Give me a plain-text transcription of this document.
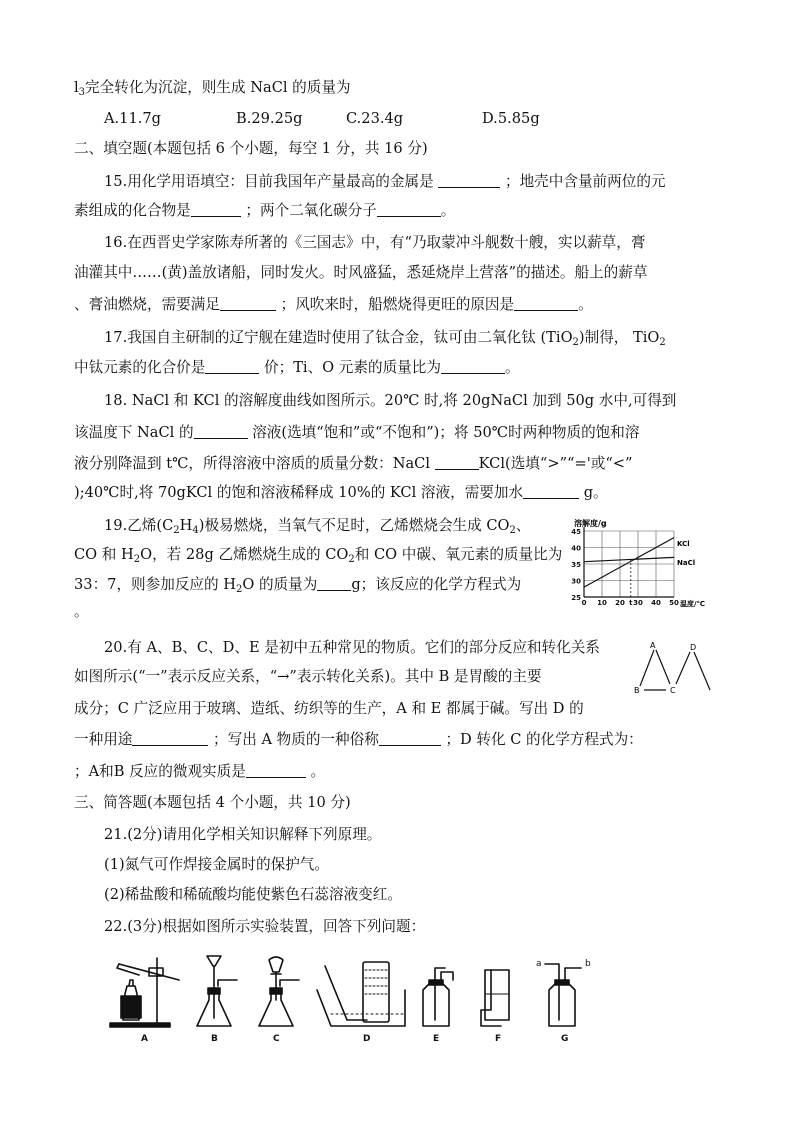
$l_3$完全转化为沉淀，则生成 NaCl 的质量为
A.11.7g	B.29.25g	C.23.4g	D.5.85g
二、填空题(本题包括 6 个小题，每空 1 分，共 16 分)
15.用化学用语填空：目前我国年产量最高的金属是	；地壳中含量前两位的元
素组成的化合物是	；两个二氧化碳分子	。
16.在西晋史学家陈寿所著的《三国志》中，有“乃取蒙冲斗舰数十艘，实以薪草，膏
油灌其中……(黄)盖放诸船，同时发火。时风盛猛，悉延烧岸上营落”的描述。船上的薪草
、膏油燃烧，需要满足	；风吹来时，船燃烧得更旺的原因是	。
17.我国自主研制的辽宁舰在建造时使用了钛合金，钛可由二氧化钛 (TiO$_2$)制得， TiO$_2$
中钛元素的化合价是	价；Ti、O 元素的质量比为	。
18. NaCl 和 KCl 的溶解度曲线如图所示。20℃ 时,将 20gNaCl 加到 50g 水中,可得到
该温度下 NaCl 的	溶液(选填“饱和”或“不饱和”)；将 50℃时两种物质的饱和溶
液分别降温到 t℃，所得溶液中溶质的质量分数：NaCl	KCl(选填“>”“='或“<”
);40℃时,将 70gKCl 的饱和溶液稀释成 10%的 KCl 溶液，需要加水	g。
19.乙烯$(C_2H_4)$极易燃烧，当氧气不足时，乙烯燃烧会生成 $CO_2$、
CO 和 $H_2O$，若 28g 乙烯燃烧生成的 $CO_2$和 CO 中碳、氧元素的质量比为
33：7，则参加反应的 $H_2O$ 的质量为 g；该反应的化学方程式为
。
溶解度/g
温度/℃
45
40
35
30
25
0 10 20 t 30 40 50
KCl
NaCl
20.有 A、B、C、D、E 是初中五种常见的物质。它们的部分反应和转化关系
如图所示(“一”表示反应关系，“→”表示转化关系)。其中 B 是胃酸的主要
成分；C 广泛应用于玻璃、造纸、纺织等的生产，A 和 E 都属于碱。写出 D 的
一种用途	；写出 A 物质的一种俗称	；D 转化 C 的化学方程式为：
；A和B 反应的微观实质是	。
A	D
B	C
三、简答题(本题包括 4 个小题，共 10 分)
21.(2分)请用化学相关知识解释下列原理。
(1)氮气可作焊接金属时的保护气。
(2)稀盐酸和稀硫酸均能使紫色石蕊溶液变红。
22.(3分)根据如图所示实验装置，回答下列问题：
A	B	C	D	E	F	G
a	b
